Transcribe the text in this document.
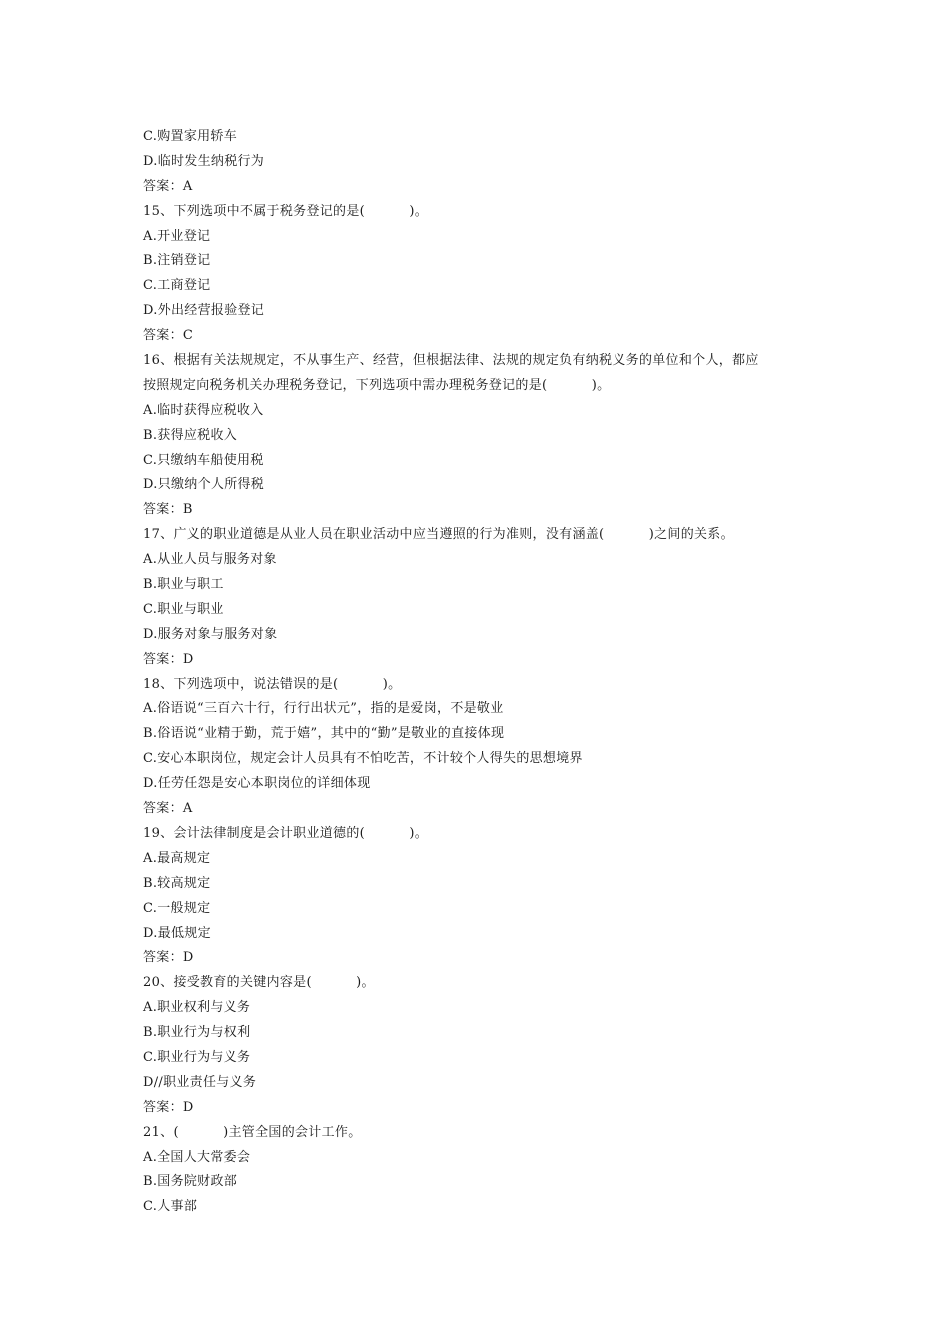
C.购置家用轿车
D.临时发生纳税行为
答案：A
15、下列选项中不属于税务登记的是(          )。
A.开业登记
B.注销登记
C.工商登记
D.外出经营报验登记
答案：C
16、根据有关法规规定，不从事生产、经营，但根据法律、法规的规定负有纳税义务的单位和个人，都应
按照规定向税务机关办理税务登记，下列选项中需办理税务登记的是(          )。
A.临时获得应税收入
B.获得应税收入
C.只缴纳车船使用税
D.只缴纳个人所得税
答案：B
17、广义的职业道德是从业人员在职业活动中应当遵照的行为准则，没有涵盖(          )之间的关系。
A.从业人员与服务对象
B.职业与职工
C.职业与职业
D.服务对象与服务对象
答案：D
18、下列选项中，说法错误的是(          )。
A.俗语说“三百六十行，行行出状元”，指的是爱岗，不是敬业
B.俗语说“业精于勤，荒于嬉”，其中的“勤”是敬业的直接体现
C.安心本职岗位，规定会计人员具有不怕吃苦，不计较个人得失的思想境界
D.任劳任怨是安心本职岗位的详细体现
答案：A
19、会计法律制度是会计职业道德的(          )。
A.最高规定
B.较高规定
C.一般规定
D.最低规定
答案：D
20、接受教育的关键内容是(          )。
A.职业权利与义务
B.职业行为与权利
C.职业行为与义务
D//职业责任与义务
答案：D
21、(          )主管全国的会计工作。
A.全国人大常委会
B.国务院财政部
C.人事部
